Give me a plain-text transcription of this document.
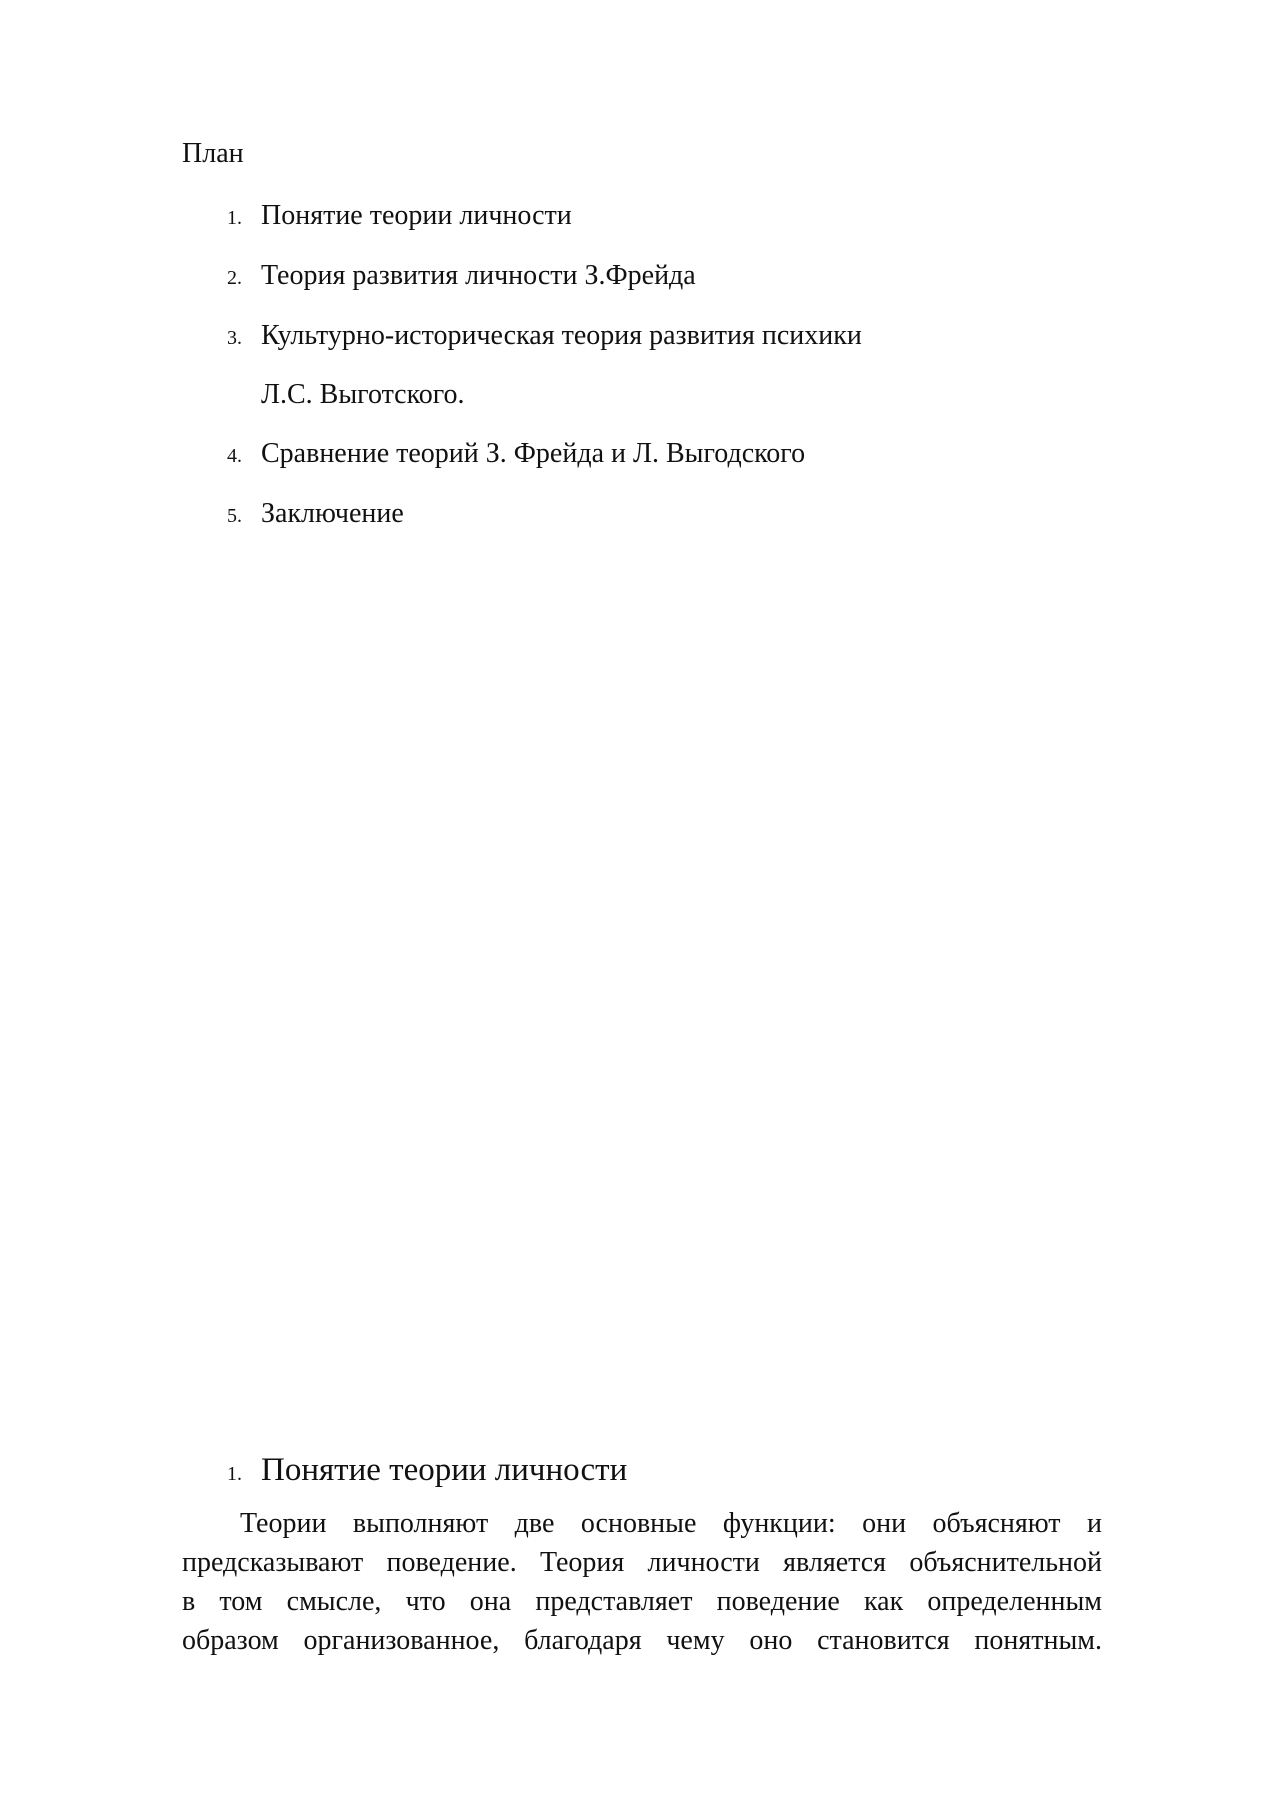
План
1. Понятие теории личности
2. Теория развития личности З.Фрейда
3. Культурно-историческая теория развития психики
Л.С. Выготского.
4. Сравнение теорий З. Фрейда и Л. Выгодского
5. Заключение
1. Понятие теории личности
Теории выполняют две основные функции: они объясняют и
предсказывают поведение. Теория личности является объяснительной
в том смысле, что она представляет поведение как определенным
образом организованное, благодаря чему оно становится понятным.
